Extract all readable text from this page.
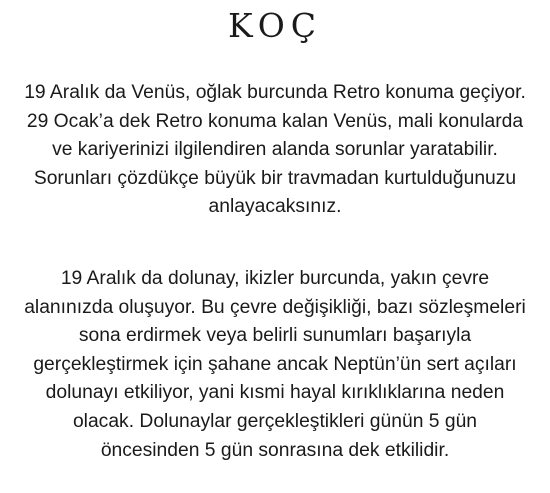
KOÇ
19 Aralık da Venüs, oğlak burcunda Retro konuma geçiyor.
29 Ocak’a dek Retro konuma kalan Venüs, mali konularda
ve kariyerinizi ilgilendiren alanda sorunlar yaratabilir.
Sorunları çözdükçe büyük bir travmadan kurtulduğunuzu
anlayacaksınız.
19 Aralık da dolunay, ikizler burcunda, yakın çevre
alanınızda oluşuyor. Bu çevre değişikliği, bazı sözleşmeleri
sona erdirmek veya belirli sunumları başarıyla
gerçekleştirmek için şahane ancak Neptün’ün sert açıları
dolunayı etkiliyor, yani kısmi hayal kırıklıklarına neden
olacak. Dolunaylar gerçekleştikleri günün 5 gün
öncesinden 5 gün sonrasına dek etkilidir.
